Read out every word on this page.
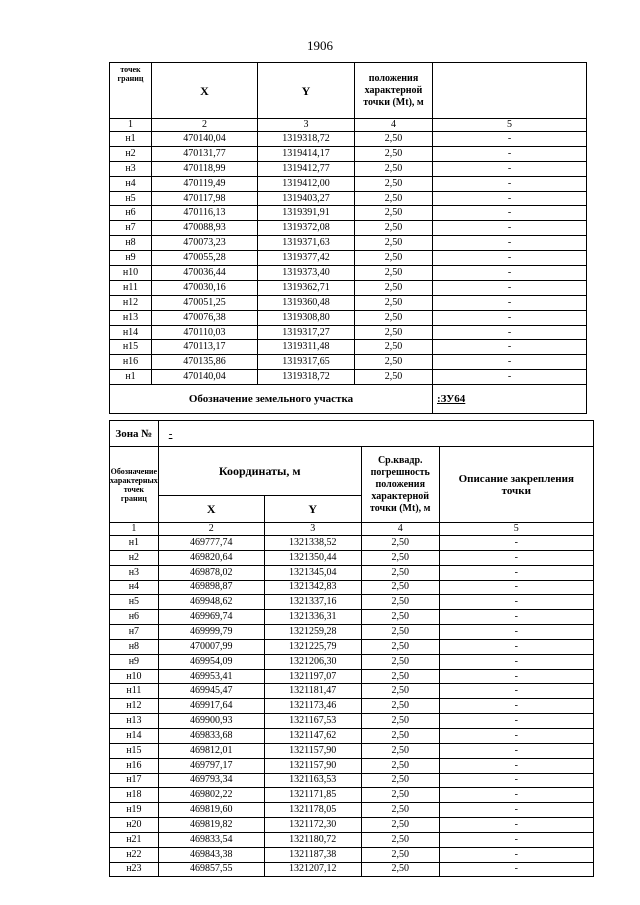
1906
точек границ	X	Y	положения характерной точки (Mt), м	
1	2	3	4	5
н1	470140,04	1319318,72	2,50	-
н2	470131,77	1319414,17	2,50	-
н3	470118,99	1319412,77	2,50	-
н4	470119,49	1319412,00	2,50	-
н5	470117,98	1319403,27	2,50	-
н6	470116,13	1319391,91	2,50	-
н7	470088,93	1319372,08	2,50	-
н8	470073,23	1319371,63	2,50	-
н9	470055,28	1319377,42	2,50	-
н10	470036,44	1319373,40	2,50	-
н11	470030,16	1319362,71	2,50	-
н12	470051,25	1319360,48	2,50	-
н13	470076,38	1319308,80	2,50	-
н14	470110,03	1319317,27	2,50	-
н15	470113,17	1319311,48	2,50	-
н16	470135,86	1319317,65	2,50	-
н1	470140,04	1319318,72	2,50	-
Обозначение земельного участка				:ЗУ64
Зона №	-			
Обозначение характерных точек границ	Координаты, м		Ср.квадр. погрешность положения характерной точки (Mt), м	Описание закрепления
точки
	X	Y		
1	2	3	4	5
н1	469777,74	1321338,52	2,50	-
н2	469820,64	1321350,44	2,50	-
н3	469878,02	1321345,04	2,50	-
н4	469898,87	1321342,83	2,50	-
н5	469948,62	1321337,16	2,50	-
н6	469969,74	1321336,31	2,50	-
н7	469999,79	1321259,28	2,50	-
н8	470007,99	1321225,79	2,50	-
н9	469954,09	1321206,30	2,50	-
н10	469953,41	1321197,07	2,50	-
н11	469945,47	1321181,47	2,50	-
н12	469917,64	1321173,46	2,50	-
н13	469900,93	1321167,53	2,50	-
н14	469833,68	1321147,62	2,50	-
н15	469812,01	1321157,90	2,50	-
н16	469797,17	1321157,90	2,50	-
н17	469793,34	1321163,53	2,50	-
н18	469802,22	1321171,85	2,50	-
н19	469819,60	1321178,05	2,50	-
н20	469819,82	1321172,30	2,50	-
н21	469833,54	1321180,72	2,50	-
н22	469843,38	1321187,38	2,50	-
н23	469857,55	1321207,12	2,50	-
